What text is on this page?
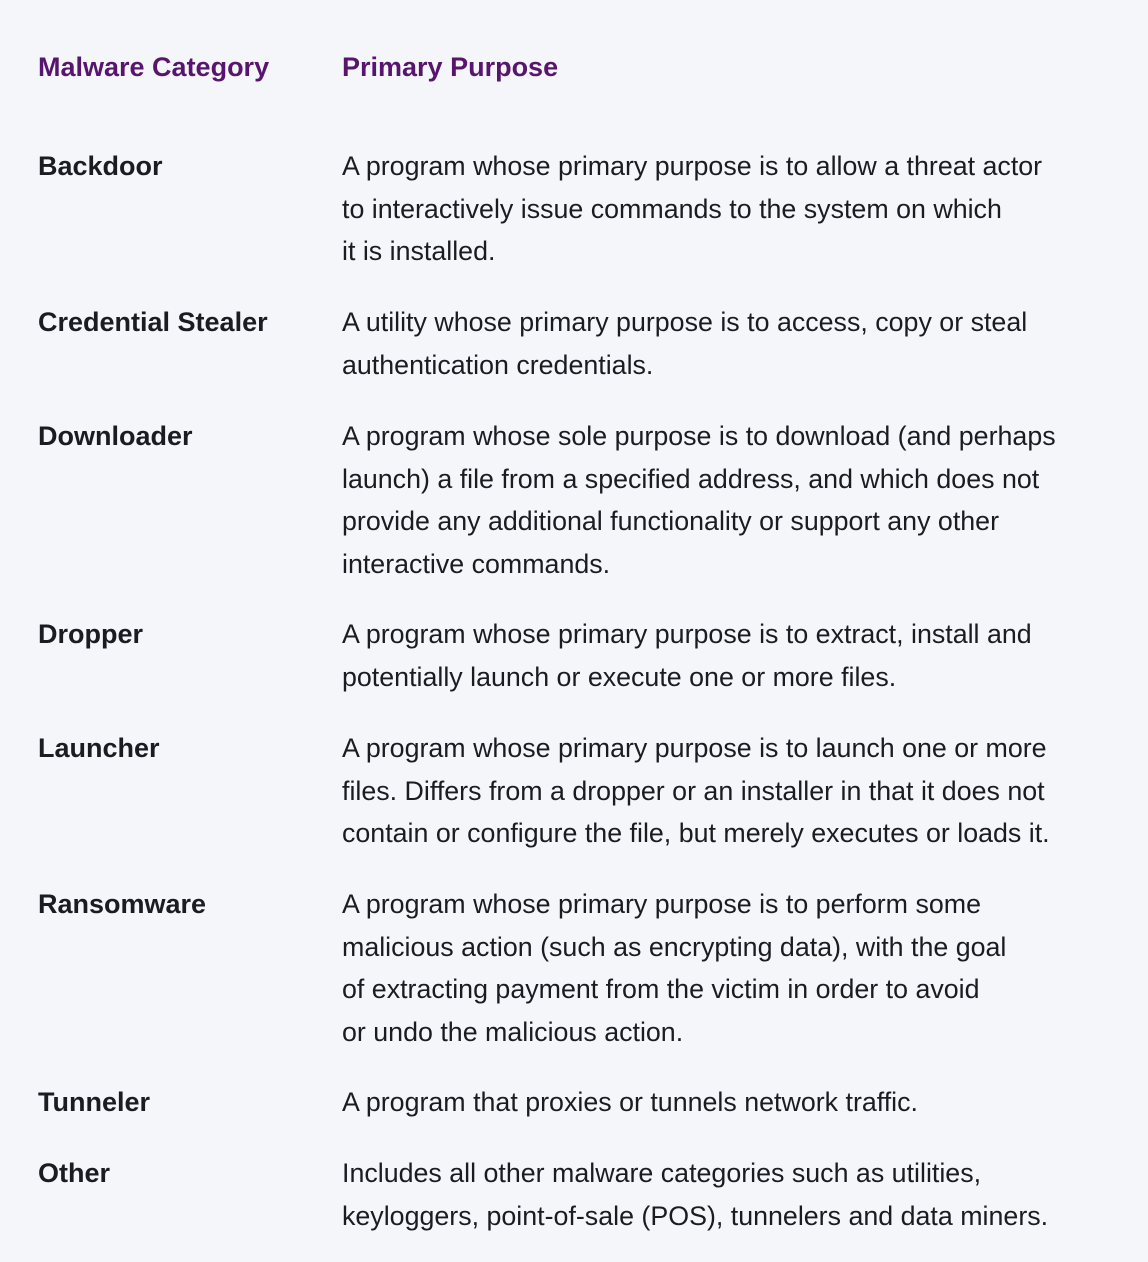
Malware Category	Primary Purpose
Backdoor	A program whose primary purpose is to allow a threat actor
to interactively issue commands to the system on which
it is installed.
Credential Stealer	A utility whose primary purpose is to access, copy or steal
authentication credentials.
Downloader	A program whose sole purpose is to download (and perhaps
launch) a file from a specified address, and which does not
provide any additional functionality or support any other
interactive commands.
Dropper	A program whose primary purpose is to extract, install and
potentially launch or execute one or more files.
Launcher	A program whose primary purpose is to launch one or more
files. Differs from a dropper or an installer in that it does not
contain or configure the file, but merely executes or loads it.
Ransomware	A program whose primary purpose is to perform some
malicious action (such as encrypting data), with the goal
of extracting payment from the victim in order to avoid
or undo the malicious action.
Tunneler	A program that proxies or tunnels network traffic.
Other	Includes all other malware categories such as utilities,
keyloggers, point-of-sale (POS), tunnelers and data miners.
